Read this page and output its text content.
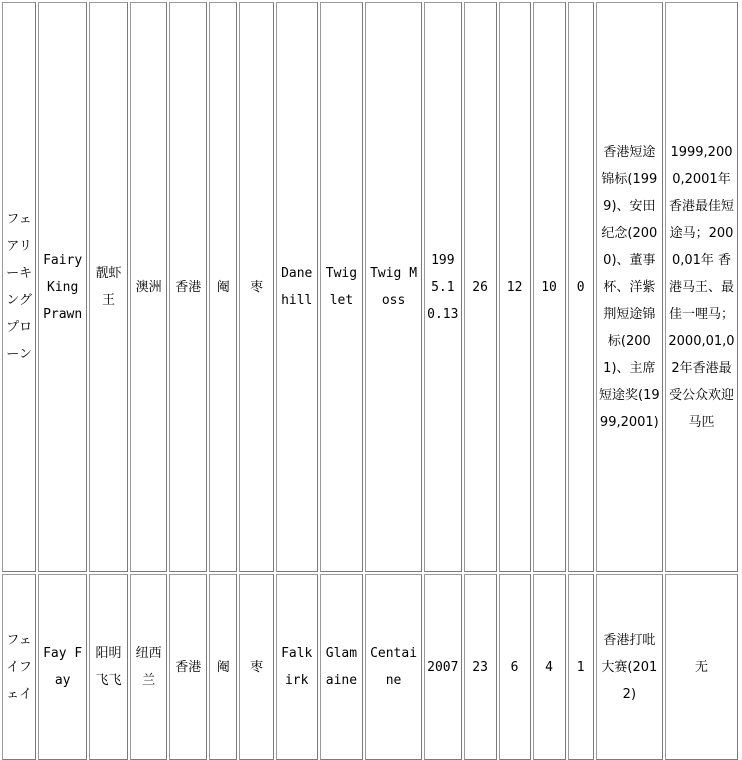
フェアリーキングプローン	Fairy King Prawn	靓虾王	澳洲	香港	阉	枣	Danehill	Twiglet	Twig Moss	1995.10.13	26	12	10	0	香港短途锦标(1999)、安田纪念(2000)、董事杯、洋紫荆短途锦标(2001)、主席短途奖(1999,2001)	1999,2000,2001年香港最佳短途马；2000,01年 香港马王、最佳一哩马；2000,01,02年香港最受公众欢迎马匹
フェイフェイ	Fay Fay	阳明飞飞	纽西兰	香港	阉	枣	Falkirk	Glamaine	Centaine	2007	23	6	4	1	香港打吡大赛(2012)	无
